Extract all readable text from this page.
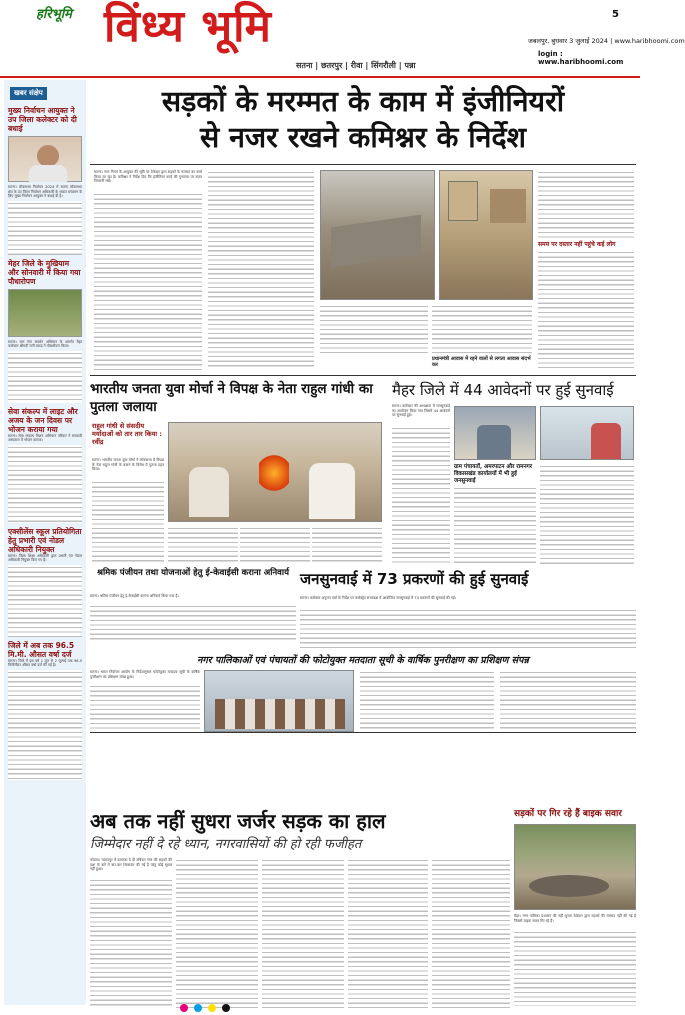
हरिभूमि विंध्य भूमि
सतना | छतरपुर | रीवा | सिंगरौली | पन्ना
जबलपुर, बुधवार 3 जुलाई 2024 | www.haribhoomi.com
login : www.haribhoomi.com
5
खबर संक्षेप
मुख्य निर्वाचन आयुक्त ने उप जिला कलेक्टर को दी बधाई
सतना। लोकसभा निर्वाचन 2024 में सतना लोकसभा क्षेत्र के उप जिला निर्वाचन अधिकारी के सफल संचालन के लिए मुख्य निर्वाचन आयुक्त ने बधाई दी है।
मेहर जिले के मुखियाम और सोनवारी में किया गया पौधारोपण
सतना। जल गंगा संवर्धन अभियान के अंतर्गत मैहर कलेक्टर श्रीमती रानी बाटड़ ने पौधारोपण किया।
सेवा संकल्प में लाइट और अजय के जन दिवस पर भोजन कराया गया
सतना। सेवा संकल्प मिशन अभियान परिवार ने सरकारी अस्पताल में भोजन कराया।
एक्सीलेंस स्कूल प्रतियोगिता हेतु प्रभारी एवं नोडल अधिकारी नियुक्त
सतना। जिला शिक्षा अधिकारी द्वारा प्रभारी एवं नोडल अधिकारी नियुक्त किए गए हैं।
जिले में अब तक 96.5 मि.मी. औसत वर्षा दर्ज
सतना। जिले में इस वर्ष 1 जून से 2 जुलाई तक 96.5 मिलीमीटर औसत वर्षा दर्ज की गई है।
सड़कों के मरम्मत के काम में इंजीनियरों
से नजर रखने कमिश्नर के निर्देश
सतना। नगर निगम के आयुक्त की भूमि पर ठेकेदार द्वारा सड़कों के मरम्मत का कार्य किया जा रहा है। कमिश्नर ने निर्देश दिए कि इंजीनियर कार्य की गुणवत्ता पर सतत निगरानी रखें।
प्रधानमंत्री आवास में रहने वालों से लगता आवास संदर्भ कर
समय पर दस्तार नहीं पहुंचे कई लोग
भारतीय जनता युवा मोर्चा ने विपक्ष के नेता राहुल गांधी का पुतला जलाया
राहुल गांधी से संसदीय मर्यादाओं को तार तार किया : रवींद्र
सतना। भारतीय जनता युवा मोर्चा ने लोकसभा में विपक्ष के नेता राहुल गांधी के बयान के विरोध में पुतला दहन किया।
मैहर जिले में 44 आवेदनों पर हुई सुनवाई
सतना। कलेक्टर की अध्यक्षता में जनसुनवाई का आयोजन किया गया जिसमें 44 आवेदनों पर सुनवाई हुई।
ग्राम पंचायतों, अमरपाटन और रामनगर विकासखंड कार्यालयों में भी हुई जनसुनवाई
श्रमिक पंजीयन तथा योजनाओं हेतु ई-केवाईसी कराना अनिवार्य
सतना। श्रमिक पंजीयन हेतु ई-केवाईसी कराना अनिवार्य किया गया है।
जनसुनवाई में 73 प्रकरणों की हुई सुनवाई
सतना। कलेक्टर अनुराग वर्मा के निर्देश पर कलेक्ट्रेट सभाकक्ष में आयोजित जनसुनवाई में 73 प्रकरणों की सुनवाई की गई।
नगर पालिकाओं एवं पंचायतों की फोटोयुक्त मतदाता सूची के वार्षिक पुनरीक्षण का प्रशिक्षण संपन्न
सतना। भारत निर्वाचन आयोग के निर्देशानुसार फोटोयुक्त मतदाता सूची के वार्षिक पुनरीक्षण का प्रशिक्षण संपन्न हुआ।
अब तक नहीं सुधरा जर्जर सड़क का हाल
जिम्मेदार नहीं दे रहे ध्यान, नगरवासियों की हो रही फजीहत
कोठवा। मालतपुर में दरवाजा दे दी तबियत नगर की सड़कों की दशा के बारे में बार-बार शिकायत की गई है परंतु कोई सुधार नहीं हुआ।
सड़कों पर गिर रहे हैं बाइक सवार
मैहर। नगर पालिका प्रशासन की नहीं सुनता ठेकेदार द्वारा सड़कों की मरम्मत नहीं की गई है जिससे बाइक सवार गिर रहे हैं।
